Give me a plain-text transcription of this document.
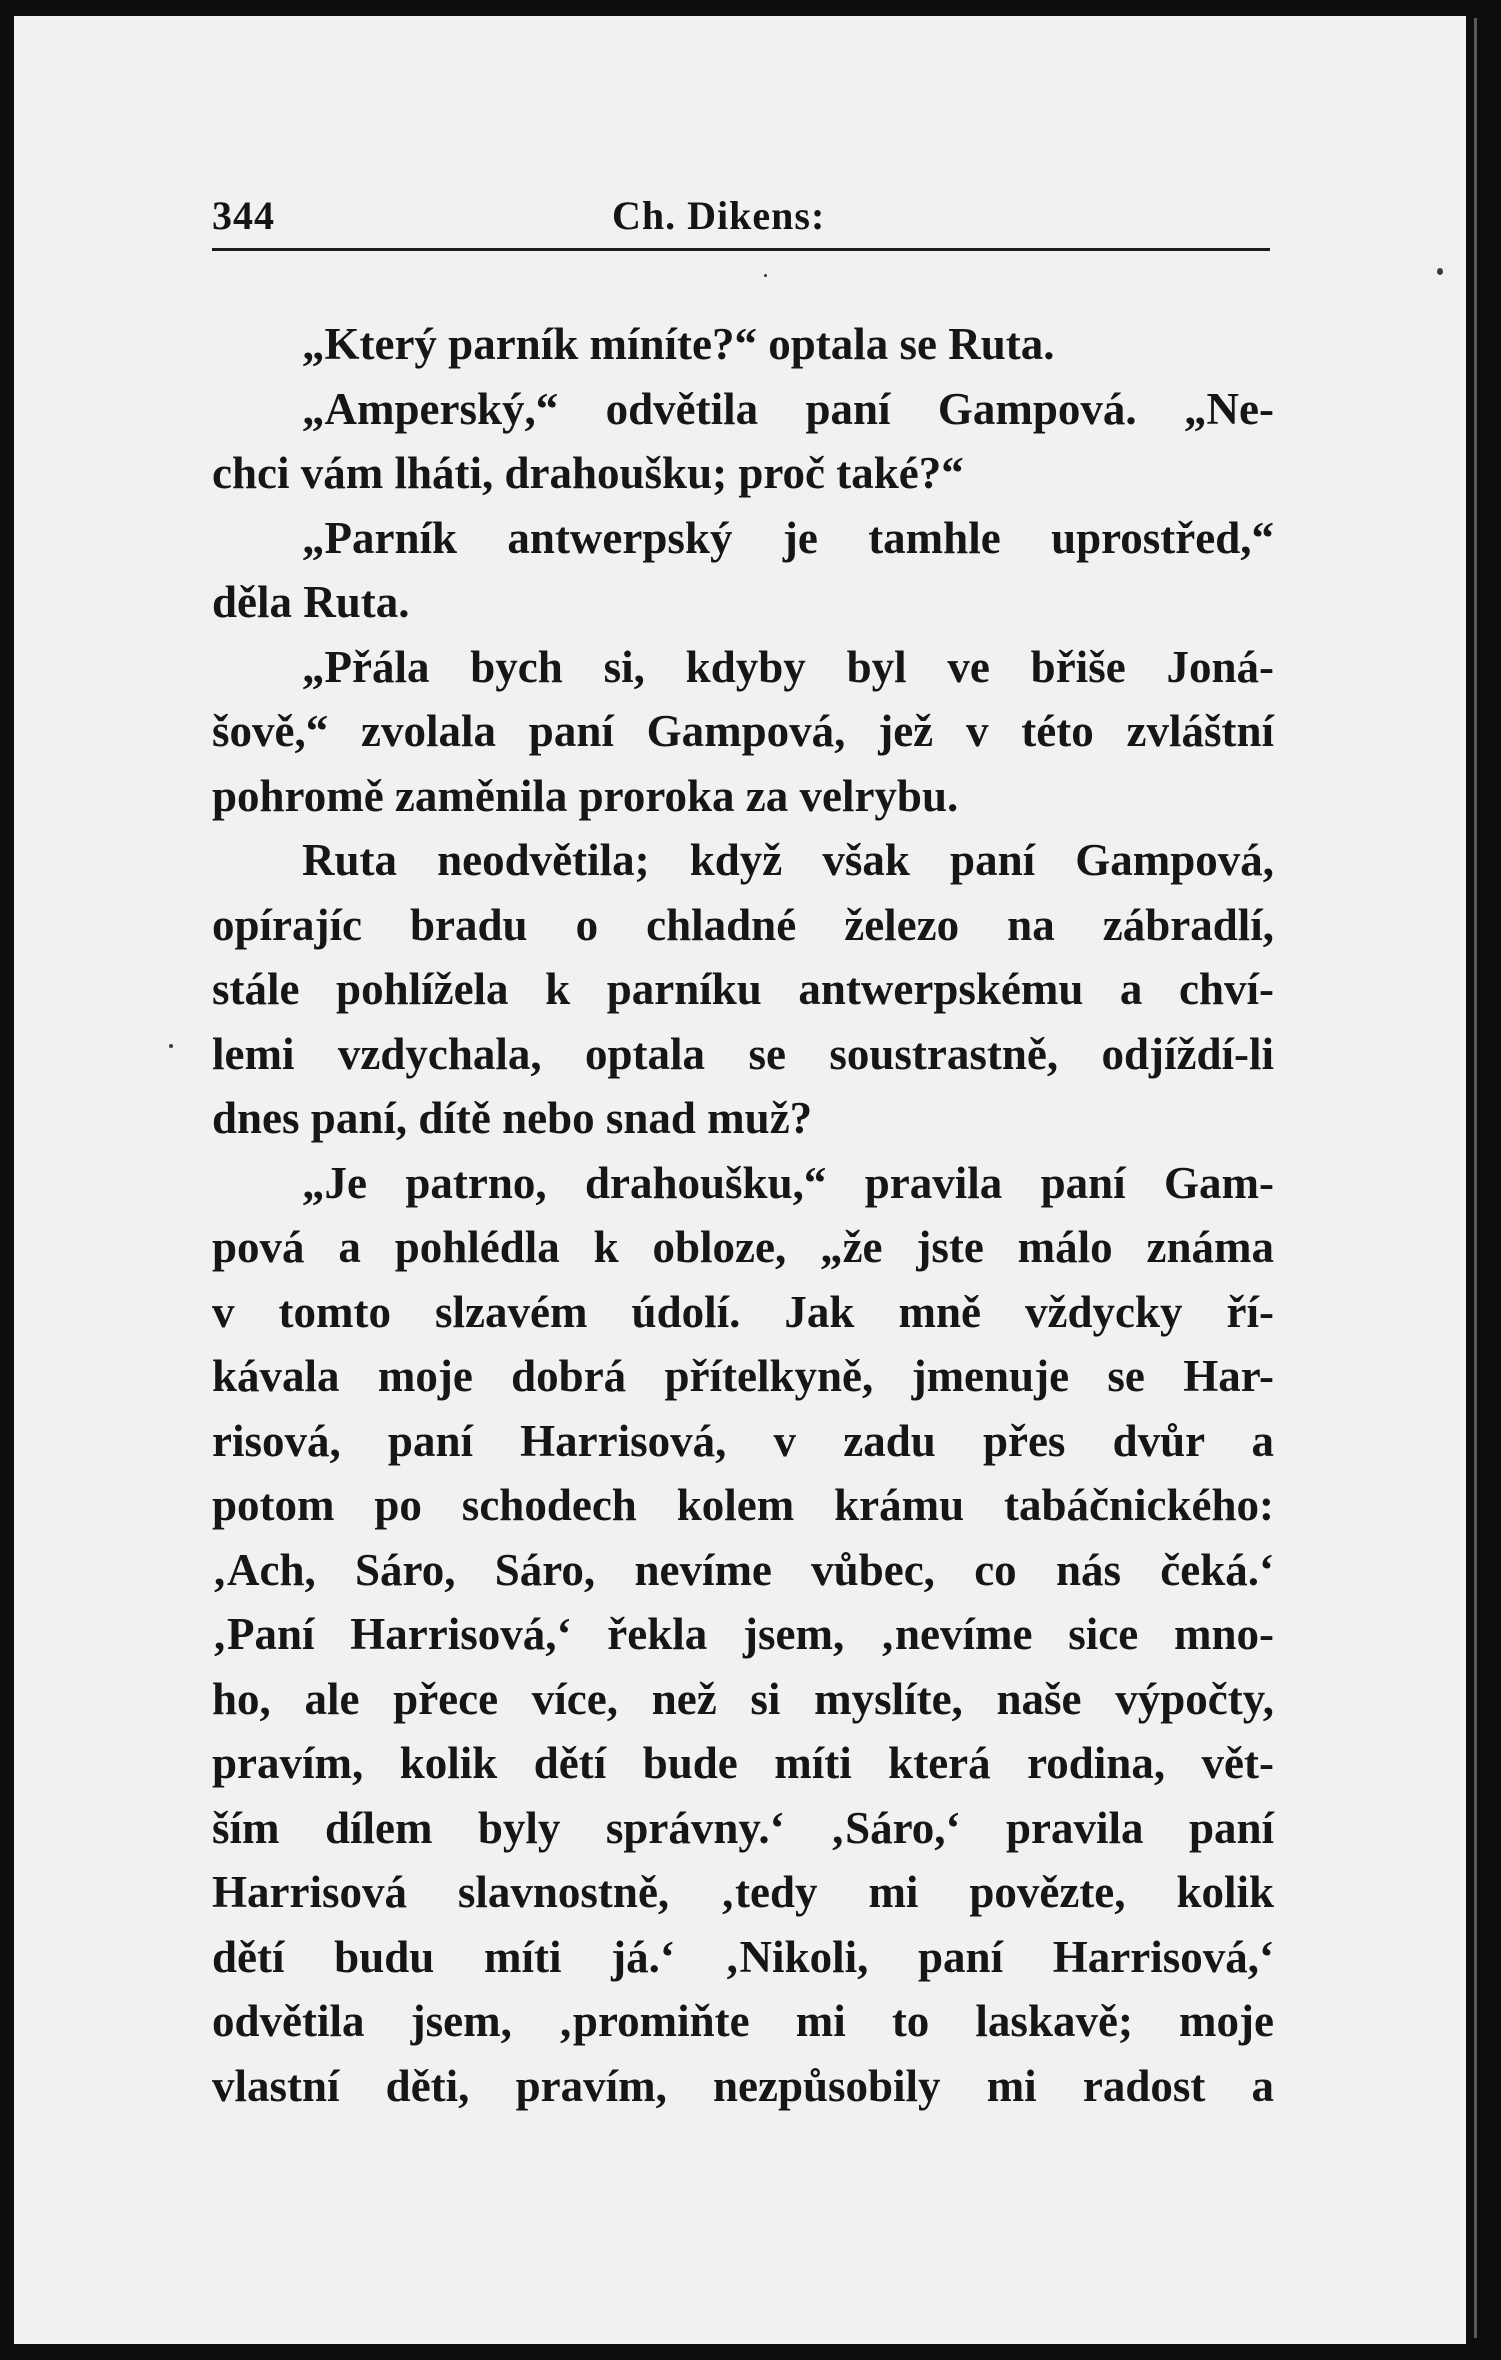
344	Ch. Dikens:
„Který parník míníte?“ optala se Ruta.
„Amperský,“ odvětila paní Gampová. „Ne-
chci vám lháti, drahoušku; proč také?“
„Parník antwerpský je tamhle uprostřed,“
děla Ruta.
„Přála bych si, kdyby byl ve břiše Joná-
šově,“ zvolala paní Gampová, jež v této zvláštní
pohromě zaměnila proroka za velrybu.
Ruta neodvětila; když však paní Gampová,
opírajíc bradu o chladné železo na zábradlí,
stále pohlížela k parníku antwerpskému a chví-
lemi vzdychala, optala se soustrastně, odjíždí-li
dnes paní, dítě nebo snad muž?
„Je patrno, drahoušku,“ pravila paní Gam-
pová a pohlédla k obloze, „že jste málo známa
v tomto slzavém údolí. Jak mně vždycky ří-
kávala moje dobrá přítelkyně, jmenuje se Har-
risová, paní Harrisová, v zadu přes dvůr a
potom po schodech kolem krámu tabáčnického:
‚Ach, Sáro, Sáro, nevíme vůbec, co nás čeká.‘
‚Paní Harrisová,‘ řekla jsem, ‚nevíme sice mno-
ho, ale přece více, než si myslíte, naše výpočty,
pravím, kolik dětí bude míti která rodina, vět-
ším dílem byly správny.‘ ‚Sáro,‘ pravila paní
Harrisová slavnostně, ‚tedy mi povězte, kolik
dětí budu míti já.‘ ‚Nikoli, paní Harrisová,‘
odvětila jsem, ‚promiňte mi to laskavě; moje
vlastní děti, pravím, nezpůsobily mi radost a
